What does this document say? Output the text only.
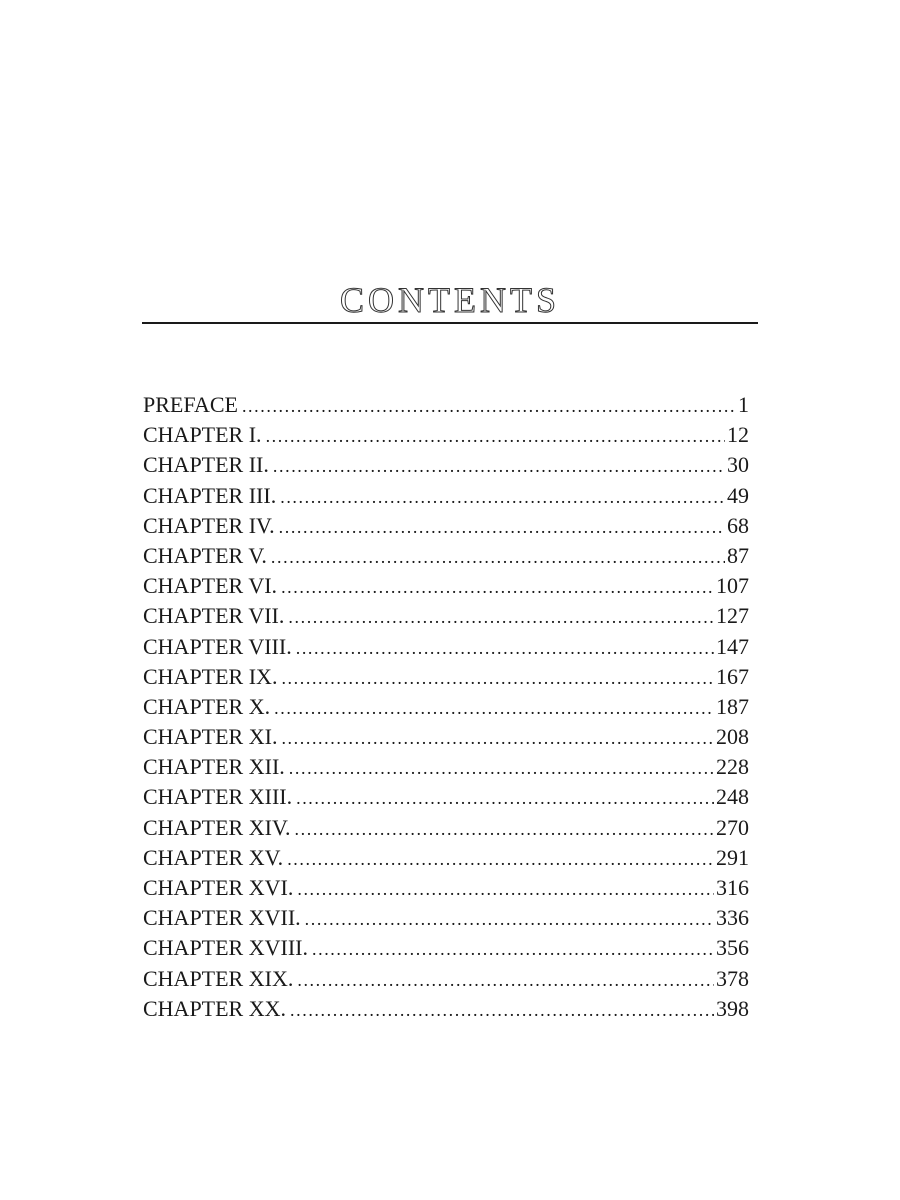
CONTENTS
PREFACE .....	1
CHAPTER I. .....	12
CHAPTER II. .....	30
CHAPTER III. .....	49
CHAPTER IV. .....	68
CHAPTER V. .....	87
CHAPTER VI. .....	107
CHAPTER VII. .....	127
CHAPTER VIII. .....	147
CHAPTER IX. .....	167
CHAPTER X. .....	187
CHAPTER XI. .....	208
CHAPTER XII. .....	228
CHAPTER XIII. .....	248
CHAPTER XIV. .....	270
CHAPTER XV. .....	291
CHAPTER XVI. .....	316
CHAPTER XVII. .....	336
CHAPTER XVIII. .....	356
CHAPTER XIX. .....	378
CHAPTER XX. .....	398
